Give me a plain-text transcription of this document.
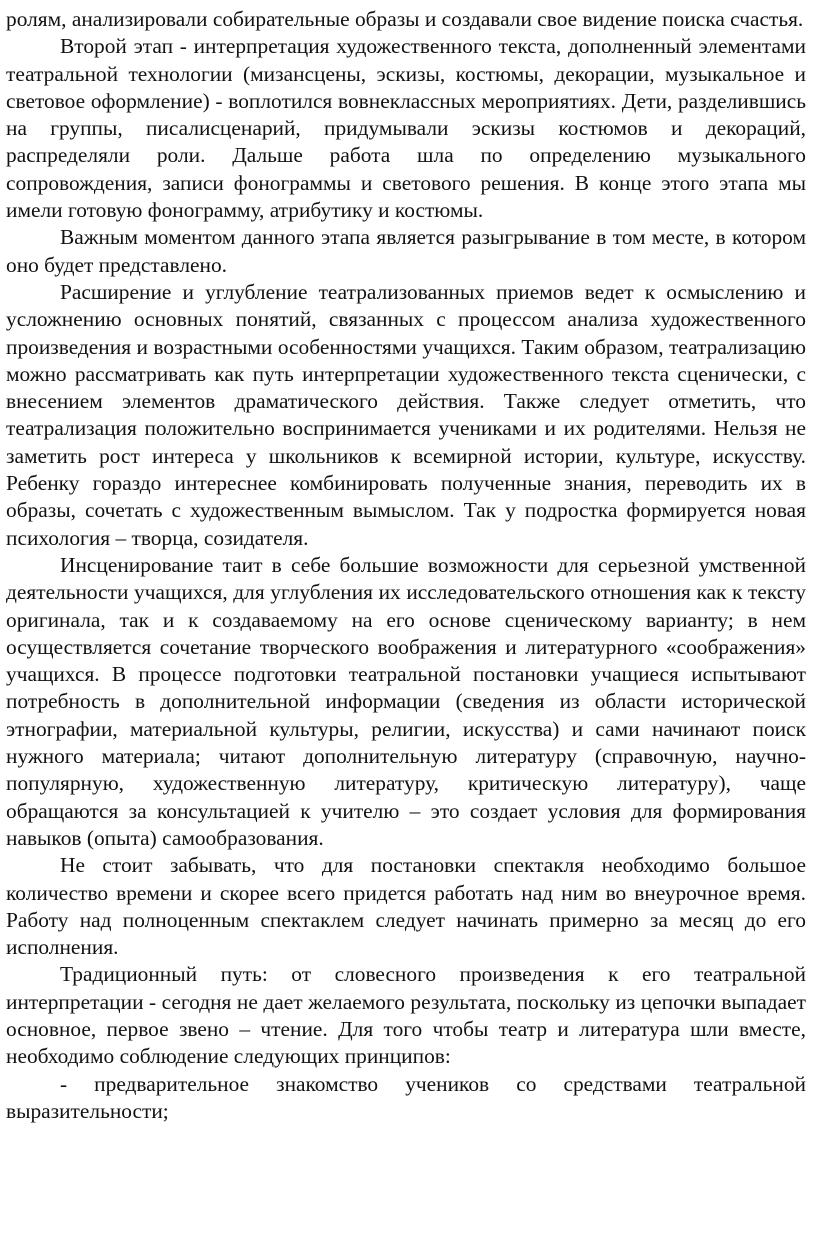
ролям, анализировали собирательные образы и создавали свое видение поиска счастья.

Второй этап - интерпретация художественного текста, дополненный элементами театральной технологии (мизансцены, эскизы, костюмы, декорации, музыкальное и световое оформление) - воплотился вовнеклассных мероприятиях. Дети, разделившись на группы, писалисценарий, придумывали эскизы костюмов и декораций, распределяли роли. Дальше работа шла по определению музыкального сопровождения, записи фонограммы и светового решения. В конце этого этапа мы имели готовую фонограмму, атрибутику и костюмы.

Важным моментом данного этапа является разыгрывание в том месте, в котором оно будет представлено.

Расширение и углубление театрализованных приемов ведет к осмыслению и усложнению основных понятий, связанных с процессом анализа художественного произведения и возрастными особенностями учащихся. Таким образом, театрализацию можно рассматривать как путь интерпретации художественного текста сценически, с внесением элементов драматического действия. Также следует отметить, что театрализация положительно воспринимается учениками и их родителями. Нельзя не заметить рост интереса у школьников к всемирной истории, культуре, искусству. Ребенку гораздо интереснее комбинировать полученные знания, переводить их в образы, сочетать с художественным вымыслом. Так у подростка формируется новая психология – творца, созидателя.

Инсценирование таит в себе большие возможности для серьезной умственной деятельности учащихся, для углубления их исследовательского отношения как к тексту оригинала, так и к создаваемому на его основе сценическому варианту; в нем осуществляется сочетание творческого воображения и литературного «соображения» учащихся. В процессе подготовки театральной постановки учащиеся испытывают потребность в дополнительной информации (сведения из области исторической этнографии, материальной культуры, религии, искусства) и сами начинают поиск нужного материала; читают дополнительную литературу (справочную, научно-популярную, художественную литературу, критическую литературу), чаще обращаются за консультацией к учителю – это создает условия для формирования навыков (опыта) самообразования.

Не стоит забывать, что для постановки спектакля необходимо большое количество времени и скорее всего придется работать над ним во внеурочное время. Работу над полноценным спектаклем следует начинать примерно за месяц до его исполнения.

Традиционный путь: от словесного произведения к его театральной интерпретации - сегодня не дает желаемого результата, поскольку из цепочки выпадает основное, первое звено – чтение. Для того чтобы театр и литература шли вместе, необходимо соблюдение следующих принципов:

- предварительное знакомство учеников со средствами театральной выразительности;
